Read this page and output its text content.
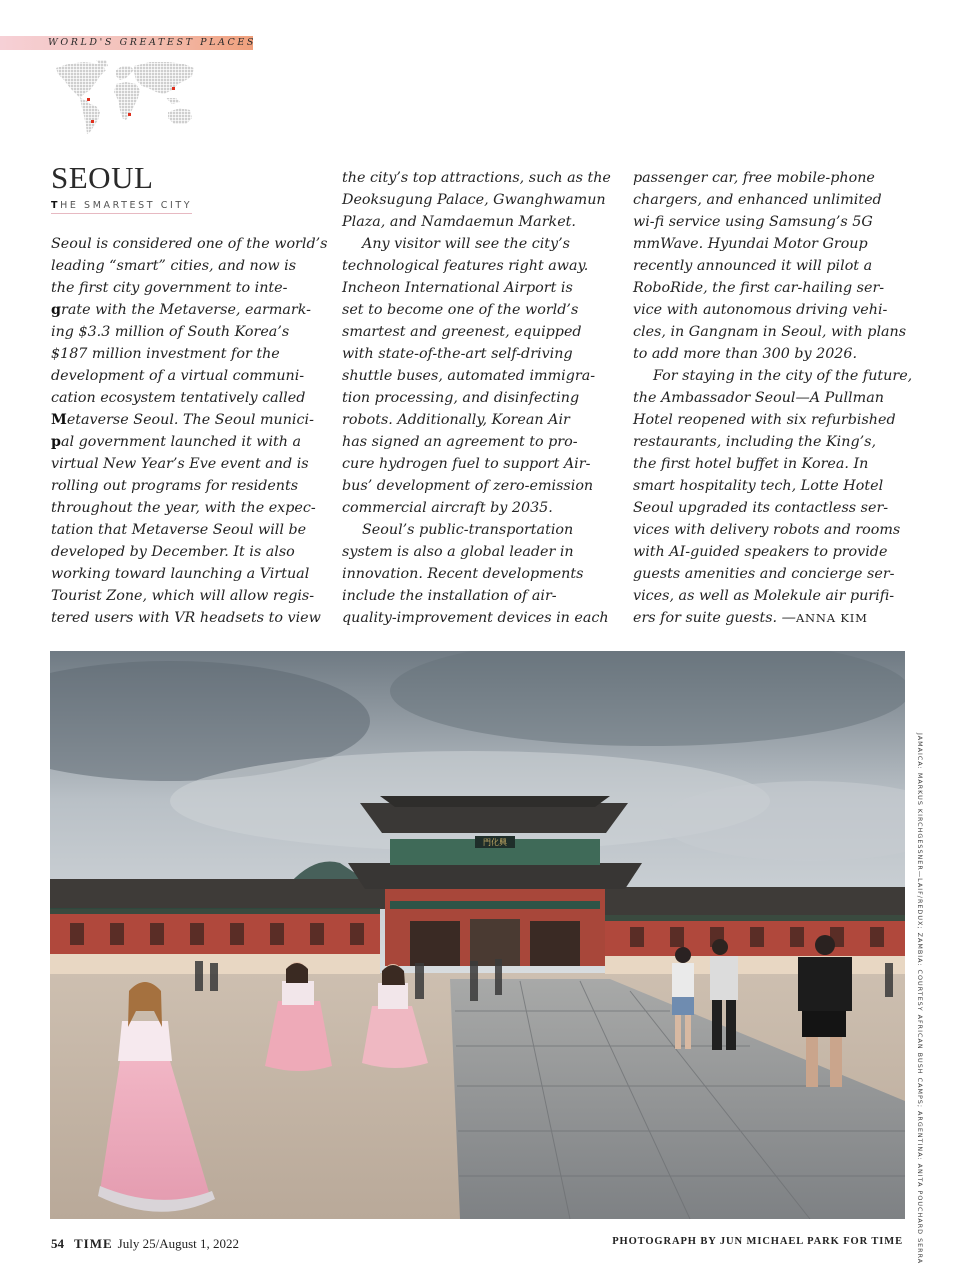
WORLD'S GREATEST PLACES
SEOUL
THE SMARTEST CITY
Seoul is considered one of the world’s
leading “smart” cities, and now is
the first city government to inte-
grate with the Metaverse, earmark-
ing $3.3 million of South Korea’s
$187 million investment for the
development of a virtual communi-
cation ecosystem tentatively called
Metaverse Seoul. The Seoul munici-
pal government launched it with a
virtual New Year’s Eve event and is
rolling out programs for residents
throughout the year, with the expec-
tation that Metaverse Seoul will be
developed by December. It is also
working toward launching a Virtual
Tourist Zone, which will allow regis-
tered users with VR headsets to view
the city’s top attractions, such as the
Deoksugung Palace, Gwanghwamun
Plaza, and Namdaemun Market.
Any visitor will see the city’s
technological features right away.
Incheon International Airport is
set to become one of the world’s
smartest and greenest, equipped
with state-of-the-art self-driving
shuttle buses, automated immigra-
tion processing, and disinfecting
robots. Additionally, Korean Air
has signed an agreement to pro-
cure hydrogen fuel to support Air-
bus’ development of zero-emission
commercial aircraft by 2035.
Seoul’s public-transportation
system is also a global leader in
innovation. Recent developments
include the installation of air-
quality-improvement devices in each
passenger car, free mobile-phone
chargers, and enhanced unlimited
wi-fi service using Samsung’s 5G
mmWave. Hyundai Motor Group
recently announced it will pilot a
RoboRide, the first car-hailing ser-
vice with autonomous driving vehi-
cles, in Gangnam in Seoul, with plans
to add more than 300 by 2026.
For staying in the city of the future,
the Ambassador Seoul—A Pullman
Hotel reopened with six refurbished
restaurants, including the King’s,
the first hotel buffet in Korea. In
smart hospitality tech, Lotte Hotel
Seoul upgraded its contactless ser-
vices with delivery robots and rooms
with AI-guided speakers to provide
guests amenities and concierge ser-
vices, as well as Molekule air purifi-
ers for suite guests. —ANNA KIM
門化興	JAMAICA: MARKUS KIRCHGESSNER—LAIF/REDUX; ZAMBIA: COURTESY AFRICAN BUSH CAMPS; ARGENTINA: ANITA POUCHARD SERRA
54 TIME July 25/August 1, 2022	PHOTOGRAPH BY JUN MICHAEL PARK FOR TIME
